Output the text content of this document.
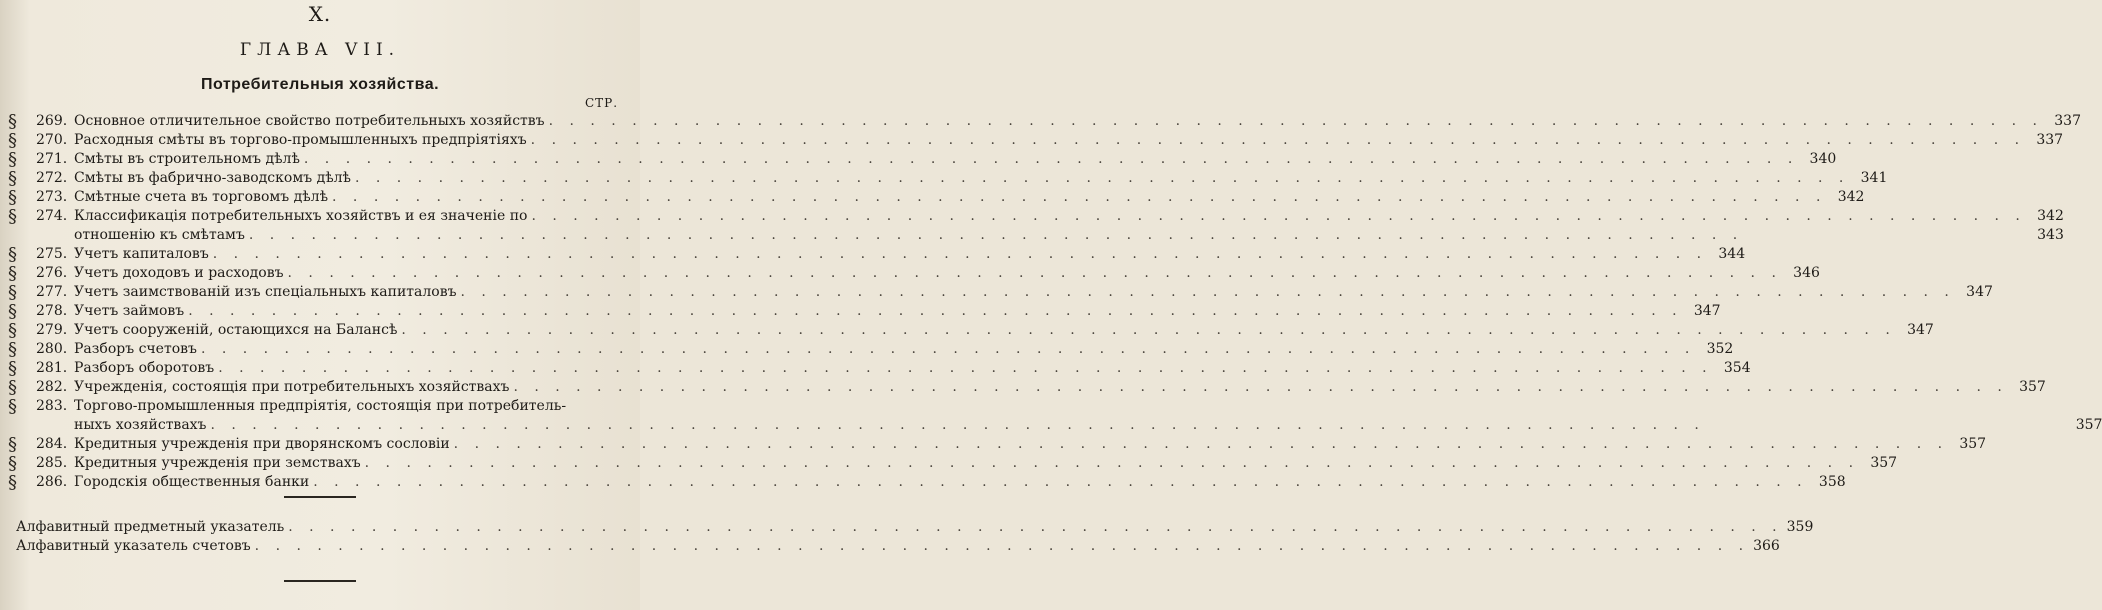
X.
ГЛАВА VII.
Потребительныя хозяйства.
СТР.
§	269. Основное отличительное свойство потребительныхъ хозяйствъ . . .	337
§	270. Расходныя смѣты въ торгово-промышленныхъ предпріятіяхъ . . .	337
§	271. Смѣты въ строительномъ дѣлѣ . . .	340
§	272. Смѣты въ фабрично-заводскомъ дѣлѣ . . .	341
§	273. Смѣтные счета въ торговомъ дѣлѣ . . .	342
§	274. Классификація потребительныхъ хозяйствъ и ея значеніе по . . .	342
отношенію къ смѣтамъ . . .	343
§	275. Учетъ капиталовъ . . .	344
§	276. Учетъ доходовъ и расходовъ . . .	346
§	277. Учетъ заимствованій изъ спеціальныхъ капиталовъ . . .	347
§	278. Учетъ займовъ . . .	347
§	279. Учетъ сооруженій, остающихся на Балансѣ . . .	347
§	280. Разборъ счетовъ . . .	352
§	281. Разборъ оборотовъ . . .	354
§	282. Учрежденія, состоящія при потребительныхъ хозяйствахъ . . .	357
§	283. Торгово-промышленныя предпріятія, состоящія при потребитель-
ныхъ хозяйствахъ . . .	357
§	284. Кредитныя учрежденія при дворянскомъ сословіи . . .	357
§	285. Кредитныя учрежденія при земствахъ . . .	357
§	286. Городскія общественныя банки . . .	358
Алфавитный предметный указатель . . .	359
Алфавитный указатель счетовъ . . .	366
